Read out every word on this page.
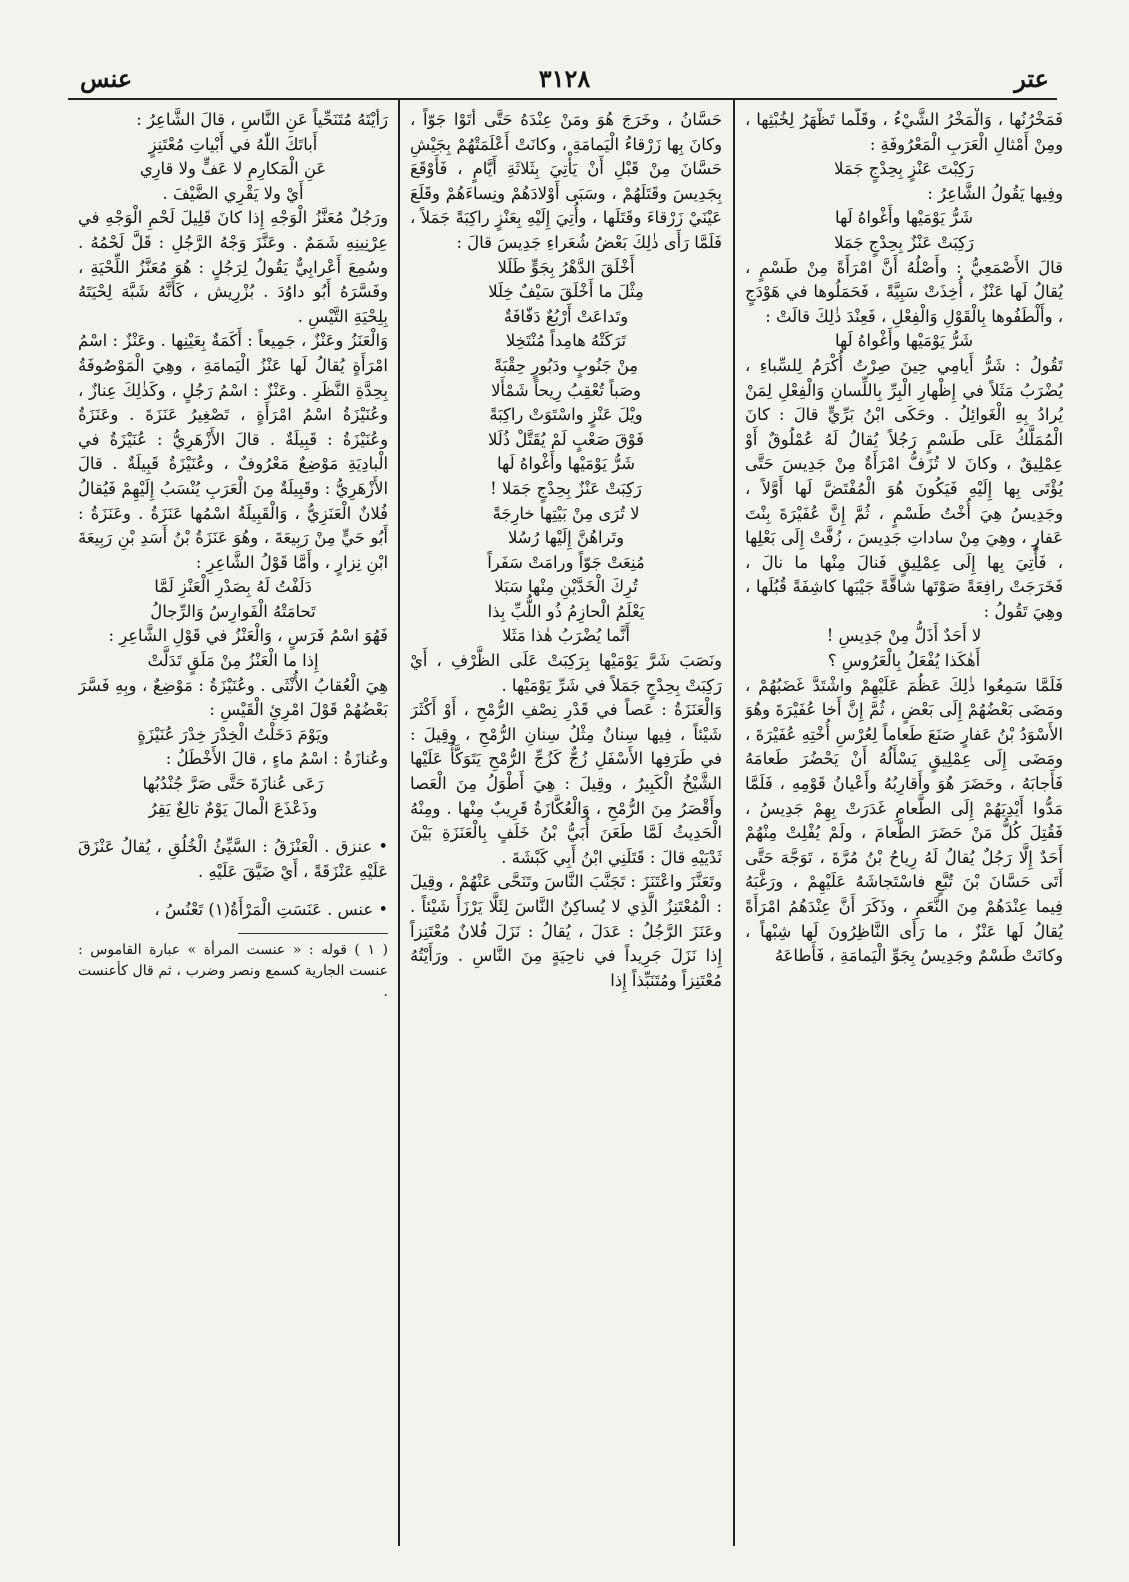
عتر
٣١٢٨
عنس

فَمَخْرُنُها ، وَالْمَخْرُ الشَّيْءُ ، وقَلَّما تَظْهَرُ لِخُبْثِها ، ومِنْ أَمْثالِ الْعَرَبِ الْمَعْرُوفَةِ :

رَكِبْتَ عَنْزٍ بِحِدْجٍ جَمَلا

وفِيها يَقُولُ الشَّاعِرُ :

شَرُّ يَوْمَيْها وأَغْواهُ لَها

رَكِبَتْ عَنْزٌ بِحِدْجٍ جَمَلا

قالَ الأَصْمَعِيُّ : وأَصْلُهُ أَنَّ امْرَأَةً مِنْ طَسْمٍ ، يُقالُ لَها عَنْزٌ ، أُخِذَتْ سَبِيَّةً ، فَحَمَلُوها في هَوْدَجٍ ، وأَلْطَفُوها بِالْقَوْلِ وَالْفِعْلِ ، فَعِنْدَ ذٰلِكَ قالَتْ :

شَرُّ يَوْمَيْها وأَغْواهُ لَها

تَقُولُ : شَرُّ أَيامِي حِينَ صِرْتُ أُكْرَمُ لِلسِّباءِ ، يُضْرَبُ مَثَلاً في إِظْهارِ الْبِرِّ بِاللِّسانِ وَالْفِعْلِ لِمَنْ يُرادُ بِهِ الْغَوائِلُ . وحَكَى ابْنُ بَرِّيٍّ قالَ : كانَ الْمُمَلَّكُ عَلَى طَسْمٍ رَجُلاً يُقالُ لَهُ عُمْلُوقٌ أَوْ عِمْلِيقٌ ، وكانَ لا تُزَفُّ امْرَأَةٌ مِنْ جَدِيسَ حَتَّى يُؤْتَى بِها إِلَيْهِ فَيَكُونَ هُوَ الْمُفْتَضَّ لَها أَوَّلاً ، وجَدِيسُ هِيَ أُخْتُ طَسْمٍ ، ثُمَّ إِنَّ عُفَيْرَةَ بِنْتَ عَفارٍ ، وهِيَ مِنْ ساداتِ جَدِيسَ ، زُفَّتْ إِلَى بَعْلِها ، فَأُتِيَ بِها إِلَى عِمْلِيقٍ فَنالَ مِنْها ما نالَ ، فَخَرَجَتْ رافِعَةً صَوْتَها شاقَّةً جَيْبَها كاشِفَةً قُبُلَها ، وهِيَ تَقُولُ :

لا أَحَدٌ أَذَلُّ مِنْ جَدِيسِ !

أَهٰكَذا يُفْعَلُ بِالْعَرُوسِ ؟

فَلَمَّا سَمِعُوا ذٰلِكَ عَظُمَ عَلَيْهِمْ واشْتَدَّ غَضَبُهُمْ ، ومَضَى بَعْضُهُمْ إِلَى بَعْضٍ ، ثُمَّ إِنَّ أَخا عُفَيْرَةَ وهُوَ الأَسْوَدُ بْنُ عَفارٍ صَنَعَ طَعاماً لِعُرْسِ أُخْتِهِ عُفَيْرَةَ ، ومَضَى إِلَى عِمْلِيقٍ يَسْأَلُهُ أَنْ يَحْضُرَ طَعامَهُ فَأَجابَهُ ، وحَضَرَ هُوَ وأَقارِبُهُ وأَعْيانُ قَوْمِهِ ، فَلَمَّا مَدُّوا أَيْدِيَهُمْ إِلَى الطَّعامِ غَدَرَتْ بِهِمْ جَدِيسُ ، فَقُتِلَ كُلُّ مَنْ حَضَرَ الطَّعامَ ، ولَمْ يُفْلِتْ مِنْهُمْ أَحَدٌ إِلَّا رَجُلٌ يُقالُ لَهُ رِياحُ بْنُ مُرَّةَ ، تَوَجَّهَ حَتَّى أَتَى حَسَّانَ بْنَ تُبَّعٍ فاسْتَجاشَهُ عَلَيْهِمْ ، ورَغَّبَهُ فِيما عِنْدَهُمْ مِنَ النَّعَمِ ، وذَكَرَ أَنَّ عِنْدَهُمُ امْرَأَةً يُقالُ لَها عَنْزٌ ، ما رَأَى النَّاظِرُونَ لَها شِبْهاً ، وكانَتْ طَسْمٌ وجَدِيسُ بِجَوِّ الْيَمامَةِ ، فَأَطاعَهُ

حَسَّانُ ، وخَرَجَ هُوَ ومَنْ عِنْدَهُ حَتَّى أَتَوْا جَوّاً ، وكانَ بِها زَرْقاءُ الْيَمامَةِ ، وكانَتْ أَعْلَمَتْهُمْ بِجَيْشِ حَسَّانَ مِنْ قَبْلِ أَنْ يَأْتِيَ بِثَلاثَةِ أَيَّامٍ ، فَأَوْقَعَ بِجَدِيسَ وقَتَلَهُمْ ، وسَبَى أَوْلادَهُمْ ونِساءَهُمْ وقَلَعَ عَيْنَيْ زَرْقاءَ وقَتَلَها ، وأُتِيَ إِلَيْهِ بِعَنْزٍ راكِبَةً جَمَلاً ، فَلَمَّا رَأَى ذٰلِكَ بَعْضُ شُعَراءِ جَدِيسَ قالَ :

أَخْلَقَ الدَّهْرُ بِجَوٍّ طَلَلا

مِثْلَ ما أَخْلَقَ سَيْفٌ خِلَلا

وتَداعَتْ أَرْبُعٌ دَفّافَةٌ

تَرَكَتْهُ هامِداً مُنْتَخِلا

مِنْ جَنُوبٍ ودَبُورٍ حِقْبَةً

وصَباً تُعْقِبُ رِيحاً شَمْأَلا

ويْلَ عَنْزٍ واسْتَوَتْ راكِبَةً

فَوْقَ صَعْبٍ لَمْ يُقَتَّلْ ذُلَلا

شَرُّ يَوْمَيْها وأَغْواهُ لَها

رَكِبَتْ عَنْزٌ بِحِدْجٍ جَمَلا !

لا تُرَى مِنْ بَيْتِها خارِجَةً

وتَراهُنَّ إِلَيْها رُسُلا

مُنِعَتْ جَوّاً ورامَتْ سَفَراً

تُرِكَ الْخَدَّيْنِ مِنْها سَبَلا

يَعْلَمُ الْحازِمُ ذُو اللُّبِّ بِذا

أَنَّما يُضْرَبُ هٰذا مَثَلا

ونَصَبَ شَرَّ يَوْمَيْها بِرَكِبَتْ عَلَى الظَّرْفِ ، أَيْ رَكِبَتْ بِحِدْجٍ جَمَلاً في شَرِّ يَوْمَيْها .

وَالْعَنَزَةُ : عَصاً في قَدْرِ نِصْفِ الرُّمْحِ ، أَوْ أَكْثَرَ شَيْئاً ، فِيها سِنانٌ مِثْلُ سِنانِ الرُّمْحِ ، وقِيلَ : في طَرَفِها الأَسْفَلِ زُجٌّ كَزُجِّ الرُّمْحِ يَتَوَكَّأُ عَلَيْها الشَّيْخُ الْكَبِيرُ ، وقِيلَ : هِيَ أَطْوَلُ مِنَ الْعَصا وأَقْصَرُ مِنَ الرُّمْحِ ، وَالْعُكَّازَةُ قَرِيبٌ مِنْها . ومِنْهُ الْحَدِيثُ لَمَّا طَعَنَ أُبَيُّ بْنُ خَلَفٍ بِالْعَنَزَةِ بَيْنَ ثَدْيَيْهِ قالَ : قَتَلَنِي ابْنُ أَبِي كَبْشَةَ .

وتَعَنَّزَ واعْتَنَزَ : تَجَنَّبَ النَّاسَ وتَنَحَّى عَنْهُمْ ، وقِيلَ : الْمُعْتَنِزُ الَّذِي لا يُساكِنُ النَّاسَ لِئَلَّا يَرْزَأَ شَيْئاً . وعَنَزَ الرَّجُلُ : عَدَلَ ، يُقالُ : نَزَلَ فُلانٌ مُعْتَنِزاً إِذا نَزَلَ جَرِيداً في ناحِيَةٍ مِنَ النَّاسِ . ورَأَيْتُهُ مُعْتَنِزاً ومُتَنَبِّذاً إِذا

رَأَيْتَهُ مُتَنَحِّياً عَنِ النَّاسِ ، قالَ الشَّاعِرُ :

أَباتَكَ اللّٰهُ في أَبْياتِ مُعْتَنِزٍ

عَنِ الْمَكارِمِ لا عَفٍّ ولا قارِي

أَيْ ولا يَقْرِي الضَّيْفَ .

ورَجُلٌ مُعَنَّزُ الْوَجْهِ إِذا كانَ قَلِيلَ لَحْمِ الْوَجْهِ في عِرْنِينِهِ شَمَمٌ . وعَنَّزَ وَجْهُ الرَّجُلِ : قَلَّ لَحْمُهُ . وسُمِعَ أَعْرابِيٌّ يَقُولُ لِرَجُلٍ : هُوَ مُعَنَّزُ اللِّحْيَةِ ، وفَسَّرَهُ أَبُو داوُدَ . بُزْرِيش ، كَأَنَّهُ شَبَّهَ لِحْيَتَهُ بِلِحْيَةِ التَّيْسِ .

وَالْعَنَزُ وعَنْزٌ ، جَمِيعاً : أَكَمَةٌ بِعَيْنِها . وعَنْزٌ : اسْمُ امْرَأَةٍ يُقالُ لَها عَنْزُ الْيَمامَةِ ، وهِيَ الْمَوْصُوفَةُ بِحِدَّةِ النَّظَرِ . وعَنْزٌ : اسْمُ رَجُلٍ ، وكَذٰلِكَ عِنازٌ ، وعُنَيْزَةُ اسْمُ امْرَأَةٍ ، تَصْغِيرُ عَنَزَةَ . وعَنَزَةُ وعُنَيْزَةُ : قَبِيلَةٌ . قالَ الأَزْهَرِيُّ : عُنَيْزَةُ في الْبادِيَةِ مَوْضِعٌ مَعْرُوفٌ ، وعُنَيْزَةُ قَبِيلَةٌ . قالَ الأَزْهَرِيُّ : وقَبِيلَةٌ مِنَ الْعَرَبِ يُنْسَبُ إِلَيْهِمْ فَيُقالُ فُلانٌ الْعَنَزِيُّ ، وَالْقَبِيلَةُ اسْمُها عَنَزَةُ . وعَنَزَةُ : أَبُو حَيٍّ مِنْ رَبِيعَةَ ، وهُوَ عَنَزَةُ بْنُ أَسَدِ بْنِ رَبِيعَةَ ابْنِ نِزارٍ ، وأَمَّا قَوْلُ الشَّاعِرِ :

دَلَفْتُ لَهُ بِصَدْرِ الْعَنْزِ لَمَّا

تَحامَتْهُ الْفَوارِسُ وَالرِّجالُ

فَهُوَ اسْمُ فَرَسٍ ، وَالْعَنْزُ في قَوْلِ الشَّاعِرِ :

إِذا ما الْعَنْزُ مِنْ مَلَقٍ تَدَلَّتْ

هِيَ الْعُقابُ الأُنْثَى . وعُنَيْزَةُ : مَوْضِعٌ ، وبِهِ فَسَّرَ بَعْضُهُمْ قَوْلَ امْرِئِ الْقَيْسِ :

ويَوْمَ دَخَلْتُ الْخِدْرَ خِدْرَ عُنَيْزَةٍ

وعُنازَةُ : اسْمُ ماءٍ ، قالَ الأَخْطَلُ :

رَعَى عُنازَةَ حَتَّى صَرَّ جُنْدُبُها

وذَعْذَعَ الْمالَ يَوْمٌ تالِعٌ يَقِرُ

• عنزق . الْعَنْزَقُ : السَّيِّئُ الْخُلُقِ ، يُقالُ عَنْزَقَ عَلَيْهِ عَنْزَقَةً ، أَيْ ضَيَّقَ عَلَيْهِ .

• عنس . عَنَسَتِ الْمَرْأَةُ(١) تَعْنُسُ ،

( ١ ) قوله : « عنست المرأة » عبارة القاموس : عنست الجارية كسمع ونصر وضرب ، ثم قال كأعنست .
